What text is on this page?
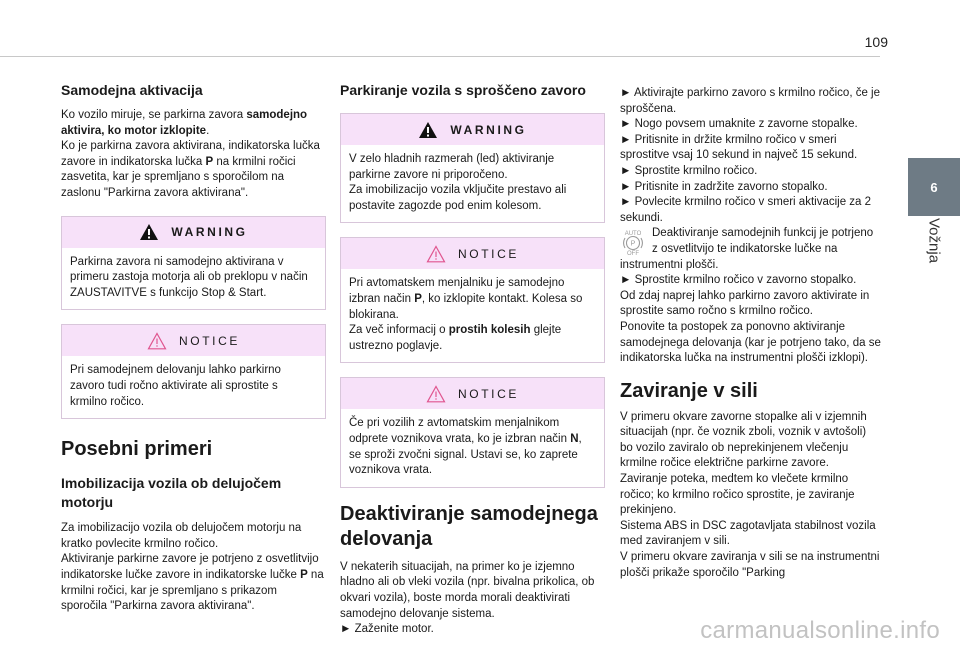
109
6
Vožnja
Samodejna aktivacija

Ko vozilo miruje, se parkirna zavora samodejno aktivira, ko motor izklopite.
Ko je parkirna zavora aktivirana, indikatorska lučka zavore in indikatorska lučka P na krmilni ročici zasvetita, kar je spremljano s sporočilom na zaslonu "Parkirna zavora aktivirana".

WARNING

Parkirna zavora ni samodejno aktivirana v primeru zastoja motorja ali ob preklopu v način ZAUSTAVITVE s funkcijo Stop & Start.

NOTICE

Pri samodejnem delovanju lahko parkirno zavoro tudi ročno aktivirate ali sprostite s krmilno ročico.

Posebni primeri
Imobilizacija vozila ob delujočem motorju

Za imobilizacijo vozila ob delujočem motorju na kratko povlecite krmilno ročico.
Aktiviranje parkirne zavore je potrjeno z osvetlitvijo indikatorske lučke zavore in indikatorske lučke P na krmilni ročici, kar je spremljano s prikazom sporočila "Parkirna zavora aktivirana".

Parkiranje vozila s sproščeno zavoro
WARNING

V zelo hladnih razmerah (led) aktiviranje parkirne zavore ni priporočeno.
Za imobilizacijo vozila vključite prestavo ali postavite zagozde pod enim kolesom.

NOTICE

Pri avtomatskem menjalniku je samodejno izbran način P, ko izklopite kontakt. Kolesa so blokirana.
Za več informacij o prostih kolesih glejte ustrezno poglavje.

NOTICE

Če pri vozilih z avtomatskim menjalnikom odprete voznikova vrata, ko je izbran način N, se sproži zvočni signal. Ustavi se, ko zaprete voznikova vrata.

Deaktiviranje samodejnega delovanja

V nekaterih situacijah, na primer ko je izjemno hladno ali ob vleki vozila (npr. bivalna prikolica, ob okvari vozila), boste morda morali deaktivirati samodejno delovanje sistema.
► Zaženite motor.

► Aktivirajte parkirno zavoro s krmilno ročico, če je sproščena.
► Nogo povsem umaknite z zavorne stopalke.
► Pritisnite in držite krmilno ročico v smeri sprostitve vsaj 10 sekund in največ 15 sekund.
► Sprostite krmilno ročico.
► Pritisnite in zadržite zavorno stopalko.
► Povlecite krmilno ročico v smeri aktivacije za 2 sekundi.

AUTO
P
OFF

Deaktiviranje samodejnih funkcij je potrjeno z osvetlitvijo te indikatorske lučke na instrumentni plošči.
► Sprostite krmilno ročico v zavorno stopalko.
Od zdaj naprej lahko parkirno zavoro aktivirate in sprostite samo ročno s krmilno ročico.
Ponovite ta postopek za ponovno aktiviranje samodejnega delovanja (kar je potrjeno tako, da se indikatorska lučka na instrumentni plošči izklopi).

Zaviranje v sili

V primeru okvare zavorne stopalke ali v izjemnih situacijah (npr. če voznik zboli, voznik v avtošoli) bo vozilo zaviralo ob neprekinjenem vlečenju krmilne ročice električne parkirne zavore.
Zaviranje poteka, medtem ko vlečete krmilno ročico; ko krmilno ročico sprostite, je zaviranje prekinjeno.
Sistema ABS in DSC zagotavljata stabilnost vozila med zaviranjem v sili.
V primeru okvare zaviranja v sili se na instrumentni plošči prikaže sporočilo "Parking

carmanualsonline.info
